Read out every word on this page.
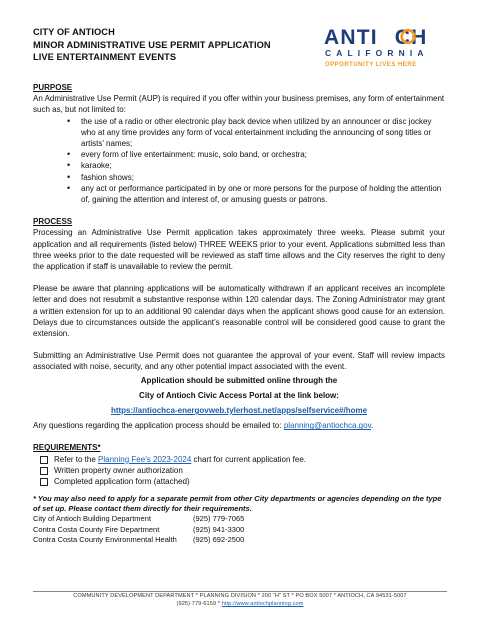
CITY OF ANTIOCH
MINOR ADMINISTRATIVE USE PERMIT APPLICATION
LIVE ENTERTAINMENT EVENTS
ANTI CH
CALIFORNIA
OPPORTUNITY LIVES HERE
PURPOSE

An Administrative Use Permit (AUP) is required if you offer within your business premises, any form of entertainment such as, but not limited to:

• the use of a radio or other electronic play back device when utilized by an announcer or disc jockey who at any time provides any form of vocal entertainment including the announcing of song titles or artists’ names;
• every form of live entertainment: music, solo band, or orchestra;
• karaoke;
• fashion shows;
• any act or performance participated in by one or more persons for the purpose of holding the attention of, gaining the attention and interest of, or amusing guests or patrons.
PROCESS

Processing an Administrative Use Permit application takes approximately three weeks. Please submit your application and all requirements (listed below) THREE WEEKS prior to your event. Applications submitted less than three weeks prior to the date requested will be reviewed as staff time allows and the City reserves the right to deny the application if staff is unavailable to review the permit.

Please be aware that planning applications will be automatically withdrawn if an applicant receives an incomplete letter and does not resubmit a substantive response within 120 calendar days. The Zoning Administrator may grant a written extension for up to an additional 90 calendar days when the applicant shows good cause for an extension. Delays due to circumstances outside the applicant’s reasonable control will be considered good cause to grant the extension.

Submitting an Administrative Use Permit does not guarantee the approval of your event. Staff will review impacts associated with noise, security, and any other potential impact associated with the event.

Application should be submitted online through the

City of Antioch Civic Access Portal at the link below:

https://antiochca-energovweb.tylerhost.net/apps/selfservice#/home

Any questions regarding the application process should be emailed to: planning@antiochca.gov.

REQUIREMENTS*
Refer to the Planning Fee’s 2023-2024 chart for current application fee.
Written property owner authorization
Completed application form (attached)

* You may also need to apply for a separate permit from other City departments or agencies depending on the type of set up. Please contact them directly for their requirements.

City of Antioch Building Department	(925) 779-7065
Contra Costa County Fire Department	(925) 941-3300
Contra Costa County Environmental Health	(925) 692-2500
COMMUNITY DEVELOPMENT DEPARTMENT * PLANNING DIVISION * 200 “H” ST * PO BOX 5007 * ANTIOCH, CA 94531-5007
(925) 779-6159 * http://www.antiochplanning.com
